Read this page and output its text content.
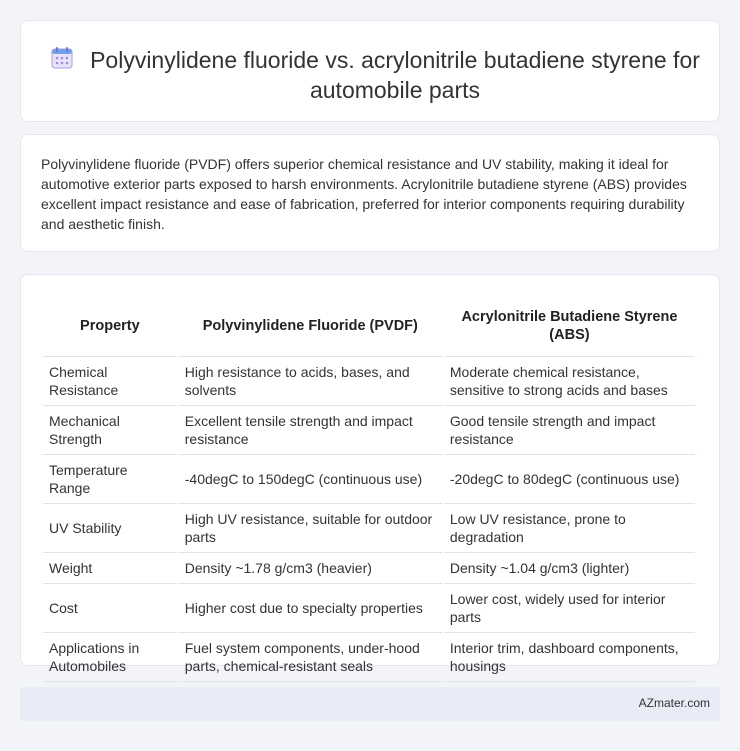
Polyvinylidene fluoride vs. acrylonitrile butadiene styrene for automobile parts

Polyvinylidene fluoride (PVDF) offers superior chemical resistance and UV stability, making it ideal for automotive exterior parts exposed to harsh environments. Acrylonitrile butadiene styrene (ABS) provides excellent impact resistance and ease of fabrication, preferred for interior components requiring durability and aesthetic finish.

Property	Polyvinylidene Fluoride (PVDF)	Acrylonitrile Butadiene Styrene (ABS)
Chemical Resistance	High resistance to acids, bases, and solvents	Moderate chemical resistance, sensitive to strong acids and bases
Mechanical Strength	Excellent tensile strength and impact resistance	Good tensile strength and impact resistance
Temperature Range	-40degC to 150degC (continuous use)	-20degC to 80degC (continuous use)
UV Stability	High UV resistance, suitable for outdoor parts	Low UV resistance, prone to degradation
Weight	Density ~1.78 g/cm3 (heavier)	Density ~1.04 g/cm3 (lighter)
Cost	Higher cost due to specialty properties	Lower cost, widely used for interior parts
Applications in Automobiles	Fuel system components, under-hood parts, chemical-resistant seals	Interior trim, dashboard components, housings
AZmater.com
